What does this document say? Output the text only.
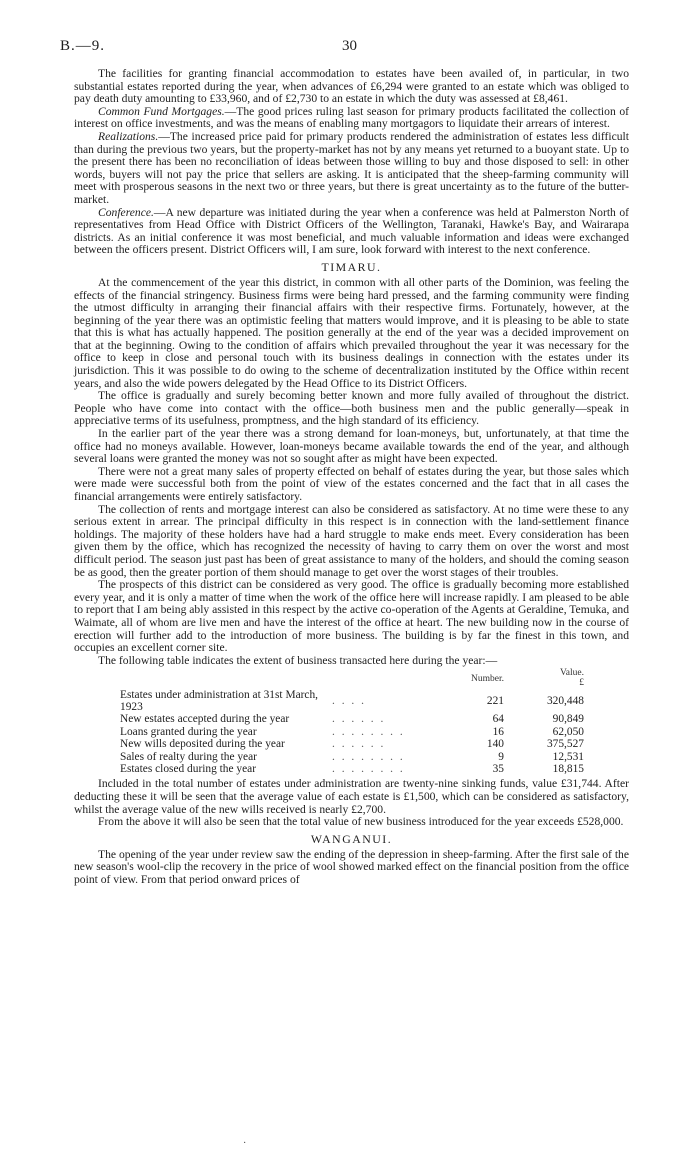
B.—9.	30

The facilities for granting financial accommodation to estates have been availed of, in particular, in two substantial estates reported during the year, when advances of £6,294 were granted to an estate which was obliged to pay death duty amounting to £33,960, and of £2,730 to an estate in which the duty was assessed at £8,461.

Common Fund Mortgages.—The good prices ruling last season for primary products facilitated the collection of interest on office investments, and was the means of enabling many mortgagors to liquidate their arrears of interest.

Realizations.—The increased price paid for primary products rendered the administration of estates less difficult than during the previous two years, but the property-market has not by any means yet returned to a buoyant state. Up to the present there has been no reconciliation of ideas between those willing to buy and those disposed to sell: in other words, buyers will not pay the price that sellers are asking. It is anticipated that the sheep-farming community will meet with prosperous seasons in the next two or three years, but there is great uncertainty as to the future of the butter-market.

Conference.—A new departure was initiated during the year when a conference was held at Palmerston North of representatives from Head Office with District Officers of the Wellington, Taranaki, Hawke's Bay, and Wairarapa districts. As an initial conference it was most beneficial, and much valuable information and ideas were exchanged between the officers present. District Officers will, I am sure, look forward with interest to the next conference.

TIMARU.

At the commencement of the year this district, in common with all other parts of the Dominion, was feeling the effects of the financial stringency. Business firms were being hard pressed, and the farming community were finding the utmost difficulty in arranging their financial affairs with their respective firms. Fortunately, however, at the beginning of the year there was an optimistic feeling that matters would improve, and it is pleasing to be able to state that this is what has actually happened. The position generally at the end of the year was a decided improvement on that at the beginning. Owing to the condition of affairs which prevailed throughout the year it was necessary for the office to keep in close and personal touch with its business dealings in connection with the estates under its jurisdiction. This it was possible to do owing to the scheme of decentralization instituted by the Office within recent years, and also the wide powers delegated by the Head Office to its District Officers.

The office is gradually and surely becoming better known and more fully availed of throughout the district. People who have come into contact with the office—both business men and the public generally—speak in appreciative terms of its usefulness, promptness, and the high standard of its efficiency.

In the earlier part of the year there was a strong demand for loan-moneys, but, unfortunately, at that time the office had no moneys available. However, loan-moneys became available towards the end of the year, and although several loans were granted the money was not so sought after as might have been expected.

There were not a great many sales of property effected on behalf of estates during the year, but those sales which were made were successful both from the point of view of the estates concerned and the fact that in all cases the financial arrangements were entirely satisfactory.

The collection of rents and mortgage interest can also be considered as satisfactory. At no time were these to any serious extent in arrear. The principal difficulty in this respect is in connection with the land-settlement finance holdings. The majority of these holders have had a hard struggle to make ends meet. Every consideration has been given them by the office, which has recognized the necessity of having to carry them on over the worst and most difficult period. The season just past has been of great assistance to many of the holders, and should the coming season be as good, then the greater portion of them should manage to get over the worst stages of their troubles.

The prospects of this district can be considered as very good. The office is gradually becoming more established every year, and it is only a matter of time when the work of the office here will increase rapidly. I am pleased to be able to report that I am being ably assisted in this respect by the active co-operation of the Agents at Geraldine, Temuka, and Waimate, all of whom are live men and have the interest of the office at heart. The new building now in the course of erection will further add to the introduction of more business. The building is by far the finest in this town, and occupies an excellent corner site.

The following table indicates the extent of business transacted here during the year:—

		Number.	Value.
£
Estates under administration at 31st March, 1923	. . . .	221	320,448
New estates accepted during the year	. . . . . .	64	90,849
Loans granted during the year	. . . . . . . .	16	62,050
New wills deposited during the year	. . . . . .	140	375,527
Sales of realty during the year	. . . . . . . .	9	12,531
Estates closed during the year	. . . . . . . .	35	18,815

Included in the total number of estates under administration are twenty-nine sinking funds, value £31,744. After deducting these it will be seen that the average value of each estate is £1,500, which can be considered as satisfactory, whilst the average value of the new wills received is nearly £2,700.

From the above it will also be seen that the total value of new business introduced for the year exceeds £528,000.

WANGANUI.

The opening of the year under review saw the ending of the depression in sheep-farming. After the first sale of the new season's wool-clip the recovery in the price of wool showed marked effect on the financial position from the office point of view. From that period onward prices of

·
